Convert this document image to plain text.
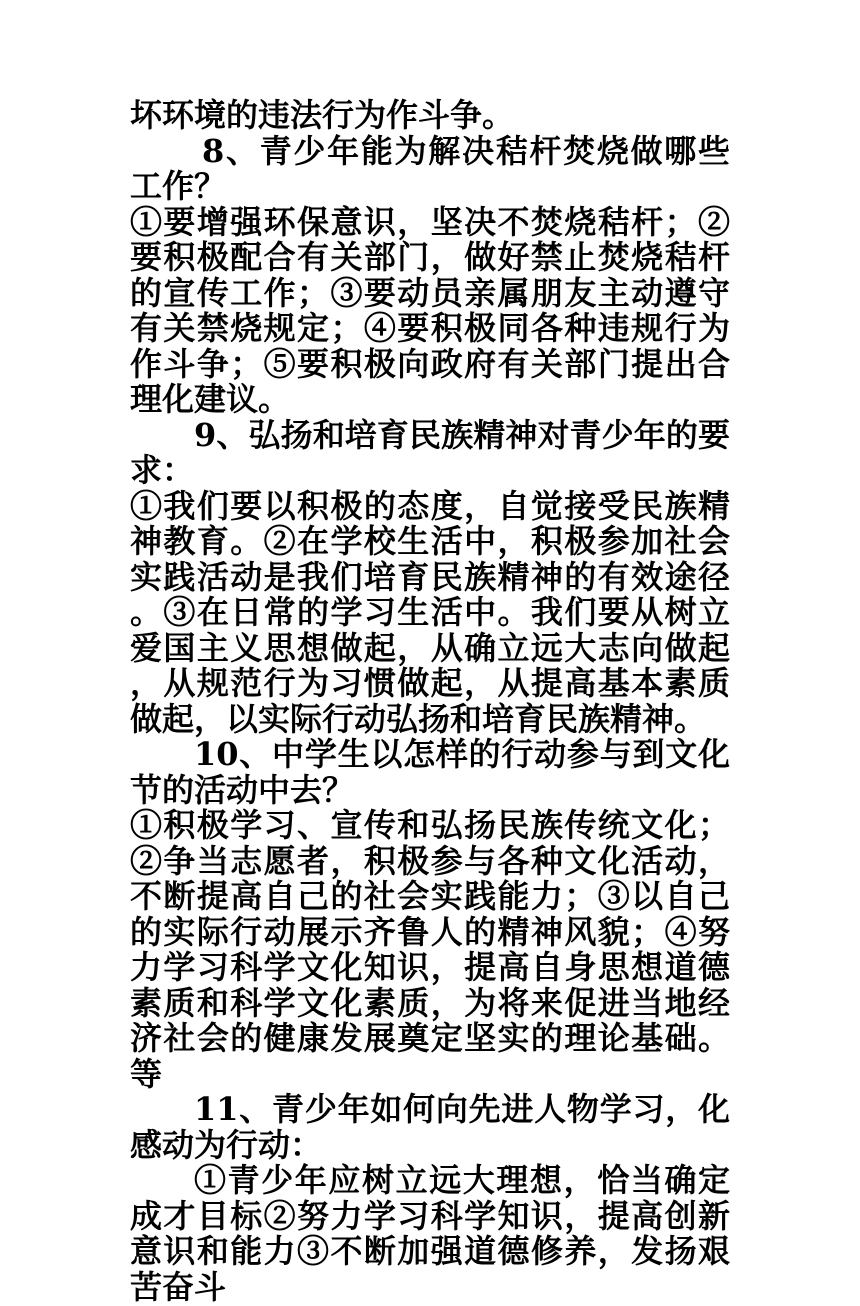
坏环境的违法行为作斗争。

8、青少年能为解决秸杆焚烧做哪些工作？

①要增强环保意识，坚决不焚烧秸杆；②要积极配合有关部门，做好禁止焚烧秸杆的宣传工作；③要动员亲属朋友主动遵守有关禁烧规定；④要积极同各种违规行为作斗争；⑤要积极向政府有关部门提出合理化建议。

9、弘扬和培育民族精神对青少年的要求：

①我们要以积极的态度，自觉接受民族精神教育。②在学校生活中，积极参加社会实践活动是我们培育民族精神的有效途径。③在日常的学习生活中。我们要从树立爱国主义思想做起，从确立远大志向做起，从规范行为习惯做起，从提高基本素质做起，以实际行动弘扬和培育民族精神。

10、中学生以怎样的行动参与到文化节的活动中去？

①积极学习、宣传和弘扬民族传统文化；②争当志愿者，积极参与各种文化活动，不断提高自己的社会实践能力；③以自己的实际行动展示齐鲁人的精神风貌；④努力学习科学文化知识，提高自身思想道德素质和科学文化素质，为将来促进当地经济社会的健康发展奠定坚实的理论基础。等

11、青少年如何向先进人物学习，化感动为行动：

①青少年应树立远大理想，恰当确定成才目标②努力学习科学知识，提高创新意识和能力③不断加强道德修养，发扬艰苦奋斗
